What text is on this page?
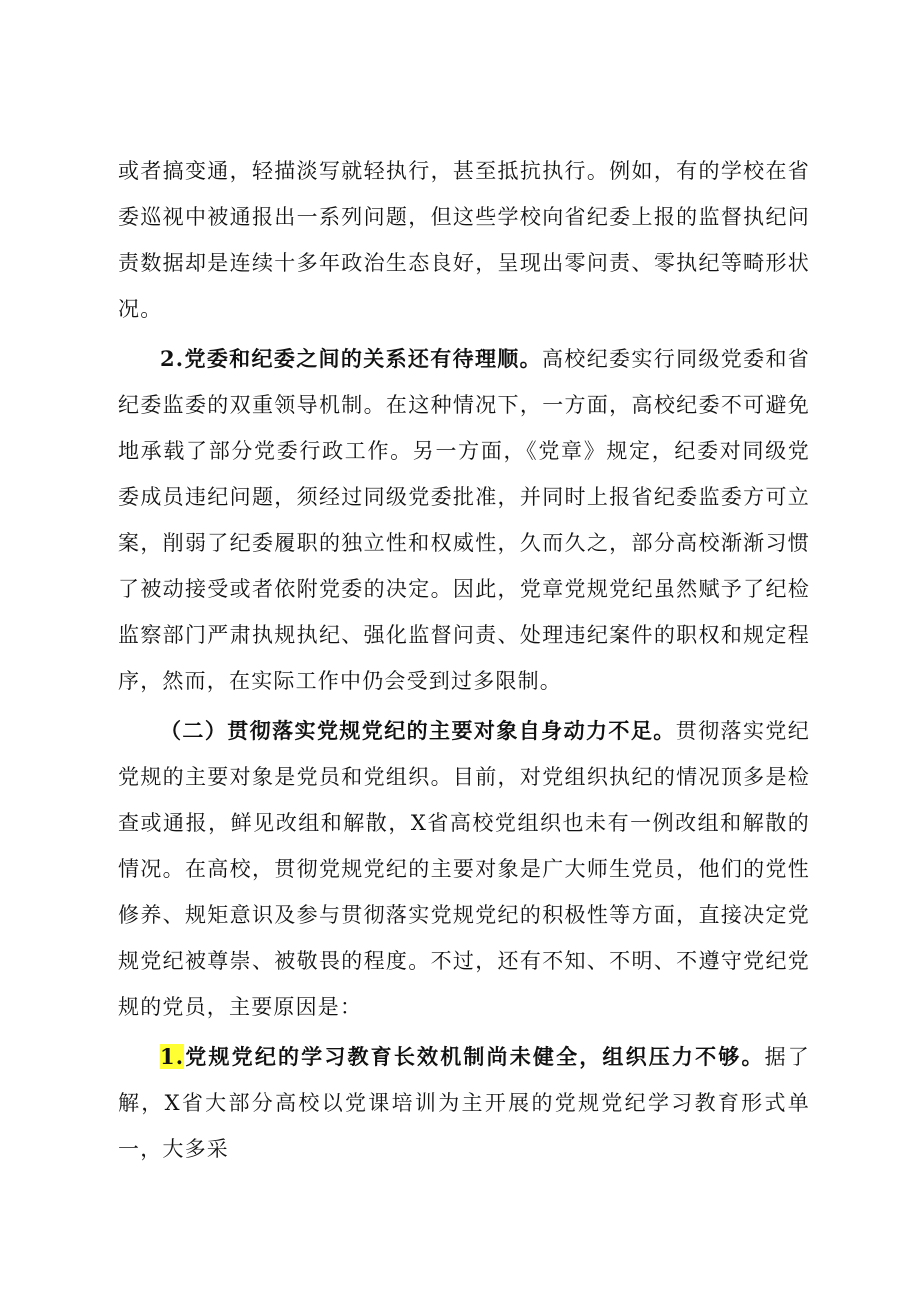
或者搞变通，轻描淡写就轻执行，甚至抵抗执行。例如，有的学校在省委巡视中被通报出一系列问题，但这些学校向省纪委上报的监督执纪问责数据却是连续十多年政治生态良好，呈现出零问责、零执纪等畸形状况。

2.党委和纪委之间的关系还有待理顺。高校纪委实行同级党委和省纪委监委的双重领导机制。在这种情况下，一方面，高校纪委不可避免地承载了部分党委行政工作。另一方面，《党章》规定，纪委对同级党委成员违纪问题，须经过同级党委批准，并同时上报省纪委监委方可立案，削弱了纪委履职的独立性和权威性，久而久之，部分高校渐渐习惯了被动接受或者依附党委的决定。因此，党章党规党纪虽然赋予了纪检监察部门严肃执规执纪、强化监督问责、处理违纪案件的职权和规定程序，然而，在实际工作中仍会受到过多限制。

（二）贯彻落实党规党纪的主要对象自身动力不足。贯彻落实党纪党规的主要对象是党员和党组织。目前，对党组织执纪的情况顶多是检查或通报，鲜见改组和解散，X省高校党组织也未有一例改组和解散的情况。在高校，贯彻党规党纪的主要对象是广大师生党员，他们的党性修养、规矩意识及参与贯彻落实党规党纪的积极性等方面，直接决定党规党纪被尊崇、被敬畏的程度。不过，还有不知、不明、不遵守党纪党规的党员，主要原因是：

1.党规党纪的学习教育长效机制尚未健全，组织压力不够。据了解，X省大部分高校以党课培训为主开展的党规党纪学习教育形式单一，大多采
